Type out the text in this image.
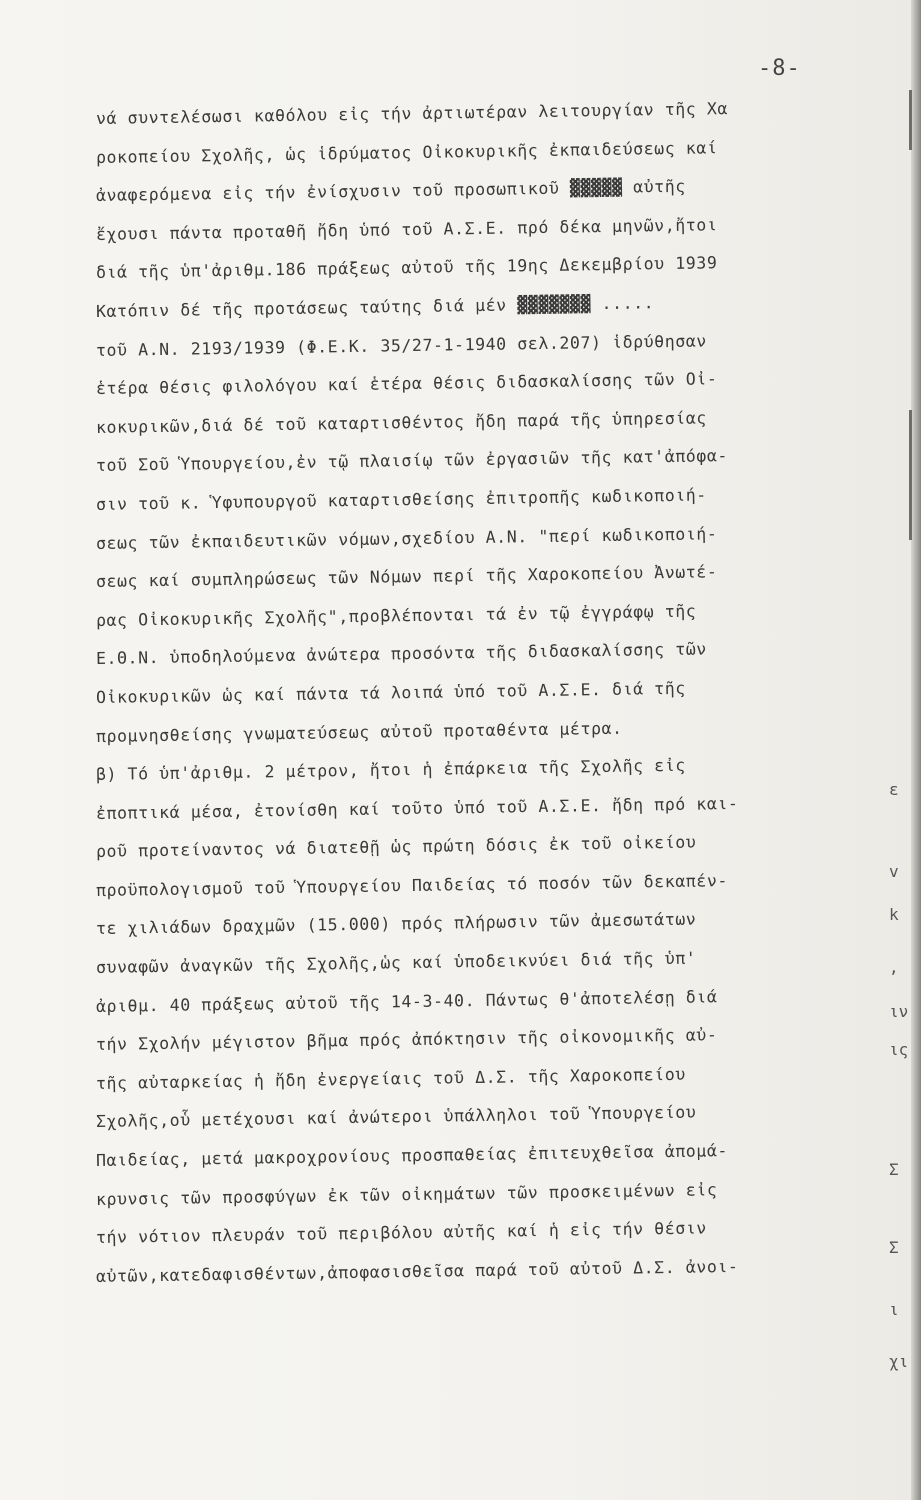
-8-
νά συντελέσωσι καθόλου εἰς τήν ἀρτιωτέραν λειτουργίαν τῆς Χα
ροκοπείου Σχολῆς, ὡς ἱδρύματος Οἰκοκυρικῆς ἐκπαιδεύσεως καί
ἀναφερόμενα εἰς τήν ἐνίσχυσιν τοῦ προσωπικοῦ ▓▓▓▓▓ αὐτῆς
ἔχουσι πάντα προταθῆ ἤδη ὑπό τοῦ Α.Σ.Ε. πρό δέκα μηνῶν,ἤτοι
διά τῆς ὑπ'ἀριθμ.186 πράξεως αὐτοῦ τῆς 19ης Δεκεμβρίου 1939
Κατόπιν δέ τῆς προτάσεως ταύτης διά μέν ▓▓▓▓▓▓▓ .....
τοῦ Α.Ν. 2193/1939 (Φ.Ε.Κ. 35/27-1-1940 σελ.207) ἱδρύθησαν
ἑτέρα θέσις φιλολόγου καί ἑτέρα θέσις διδασκαλίσσης τῶν Οἰ-
κοκυρικῶν,διά δέ τοῦ καταρτισθέντος ἤδη παρά τῆς ὑπηρεσίας
τοῦ Σοῦ Ὑπουργείου,ἐν τῷ πλαισίῳ τῶν ἐργασιῶν τῆς κατ'ἀπόφα-
σιν τοῦ κ. Ὑφυπουργοῦ καταρτισθείσης ἐπιτροπῆς κωδικοποιή-
σεως τῶν ἐκπαιδευτικῶν νόμων,σχεδίου Α.Ν. "περί κωδικοποιή-
σεως καί συμπληρώσεως τῶν Νόμων περί τῆς Χαροκοπείου Ἀνωτέ-
ρας Οἰκοκυρικῆς Σχολῆς",προβλέπονται τά ἐν τῷ ἐγγράφῳ τῆς
Ε.Θ.Ν. ὑποδηλούμενα ἀνώτερα προσόντα τῆς διδασκαλίσσης τῶν
Οἰκοκυρικῶν ὡς καί πάντα τά λοιπά ὑπό τοῦ Α.Σ.Ε. διά τῆς
προμνησθείσης γνωματεύσεως αὐτοῦ προταθέντα μέτρα.
β) Τό ὑπ'ἀριθμ. 2 μέτρον, ἤτοι ἡ ἐπάρκεια τῆς Σχολῆς εἰς
ἐποπτικά μέσα, ἐτονίσθη καί τοῦτο ὑπό τοῦ Α.Σ.Ε. ἤδη πρό και-
ροῦ προτείναντος νά διατεθῇ ὡς πρώτη δόσις ἐκ τοῦ οἰκείου
προϋπολογισμοῦ τοῦ Ὑπουργείου Παιδείας τό ποσόν τῶν δεκαπέν-
τε χιλιάδων δραχμῶν (15.000) πρός πλήρωσιν τῶν ἀμεσωτάτων
συναφῶν ἀναγκῶν τῆς Σχολῆς,ὡς καί ὑποδεικνύει διά τῆς ὑπ'
ἀριθμ. 40 πράξεως αὐτοῦ τῆς 14-3-40. Πάντως θ'ἀποτελέσῃ διά
τήν Σχολήν μέγιστον βῆμα πρός ἀπόκτησιν τῆς οἰκονομικῆς αὐ-
τῆς αὐταρκείας ἡ ἤδη ἐνεργείαις τοῦ Δ.Σ. τῆς Χαροκοπείου
Σχολῆς,οὗ μετέχουσι καί ἀνώτεροι ὑπάλληλοι τοῦ Ὑπουργείου
Παιδείας, μετά μακροχρονίους προσπαθείας ἐπιτευχθεῖσα ἀπομά-
κρυνσις τῶν προσφύγων ἐκ τῶν οἰκημάτων τῶν προσκειμένων εἰς
τήν νότιον πλευράν τοῦ περιβόλου αὐτῆς καί ἡ εἰς τήν θέσιν
αὐτῶν,κατεδαφισθέντων,ἀποφασισθεῖσα παρά τοῦ αὐτοῦ Δ.Σ. ἀνοι-
ε
v
k
,
ιν
ις
Σ
Σ
ι
χι
